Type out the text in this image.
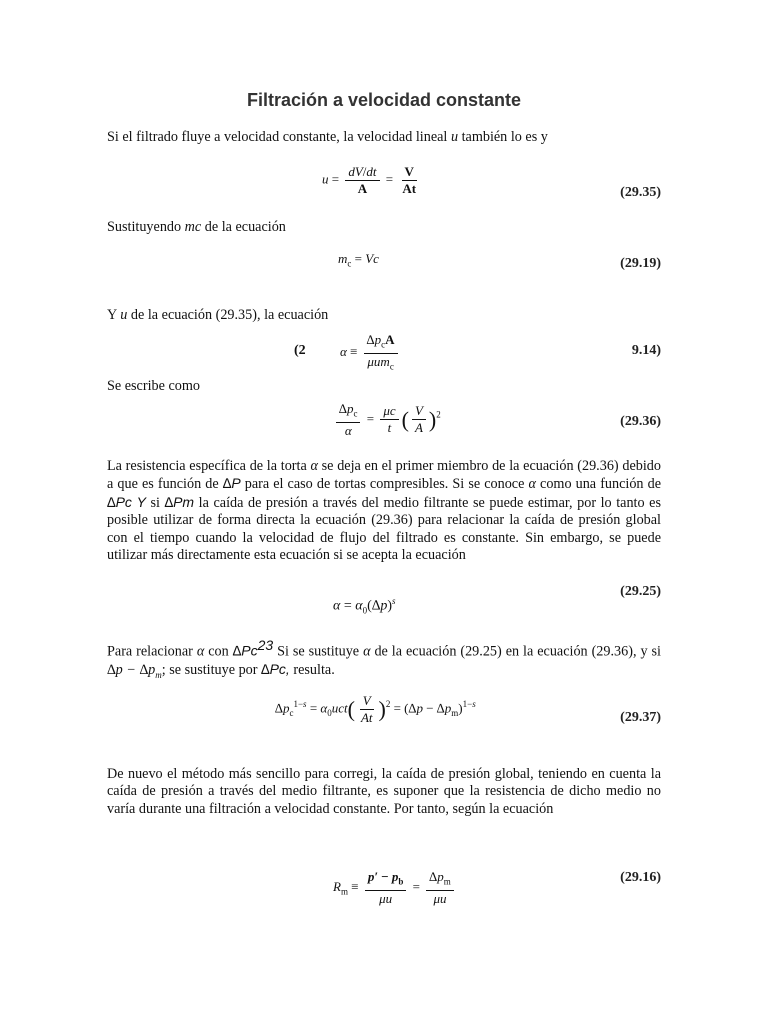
Filtración a velocidad constante

Si el filtrado fluye a velocidad constante, la velocidad lineal u también lo es y

$u = \frac{dV/dt}{A} = \frac{V}{At}$	(29.35)

Sustituyendo mc de la ecuación

$m_c = Vc$	(29.19)

Y u de la ecuación (29.35), la ecuación

(2	$\alpha \equiv \frac{\Delta p_cA}{\mu um_c}$	9.14)

Se escribe como

$\frac{\Delta p_c}{\alpha} = \frac{\mu c}{t}$ ( $\frac{V}{A} )^2$	(29.36)

La resistencia específica de la torta α se deja en el primer miembro de la ecuación (29.36) debido a que es función de ∆P para el caso de tortas compresibles. Si se conoce α como una función de ∆Pc Y si ∆Pm la caída de presión a través del medio filtrante se puede estimar, por lo tanto es posible utilizar de forma directa la ecuación (29.36) para relacionar la caída de presión global con el tiempo cuando la velocidad de flujo del filtrado es constante. Sin embargo, se puede utilizar más directamente esta ecuación si se acepta la ecuación

$\alpha = \alpha_0(\Delta p)^s$
(29.25)

Para relacionar α con ∆Pc$^{23}$ Si se sustituye α de la ecuación (29.25) en la ecuación (29.36), y si $\Delta p - \Delta p_m$; se sustituye por ∆Pc, resulta.

$\Delta p_c^{1-s} = \alpha_0uct( \frac{V}{At} )^2 = (\Delta p - \Delta p_m)^{1-s}$
(29.37)

De nuevo el método más sencillo para corregi, la caída de presión global, teniendo en cuenta la caída de presión a través del medio filtrante, es suponer que la resistencia de dicho medio no varía durante una filtración a velocidad constante. Por tanto, según la ecuación

$R_m \equiv \frac{p' - p_b}{\mu u} = \frac{\Delta p_m}{\mu u}$	(29.16)
